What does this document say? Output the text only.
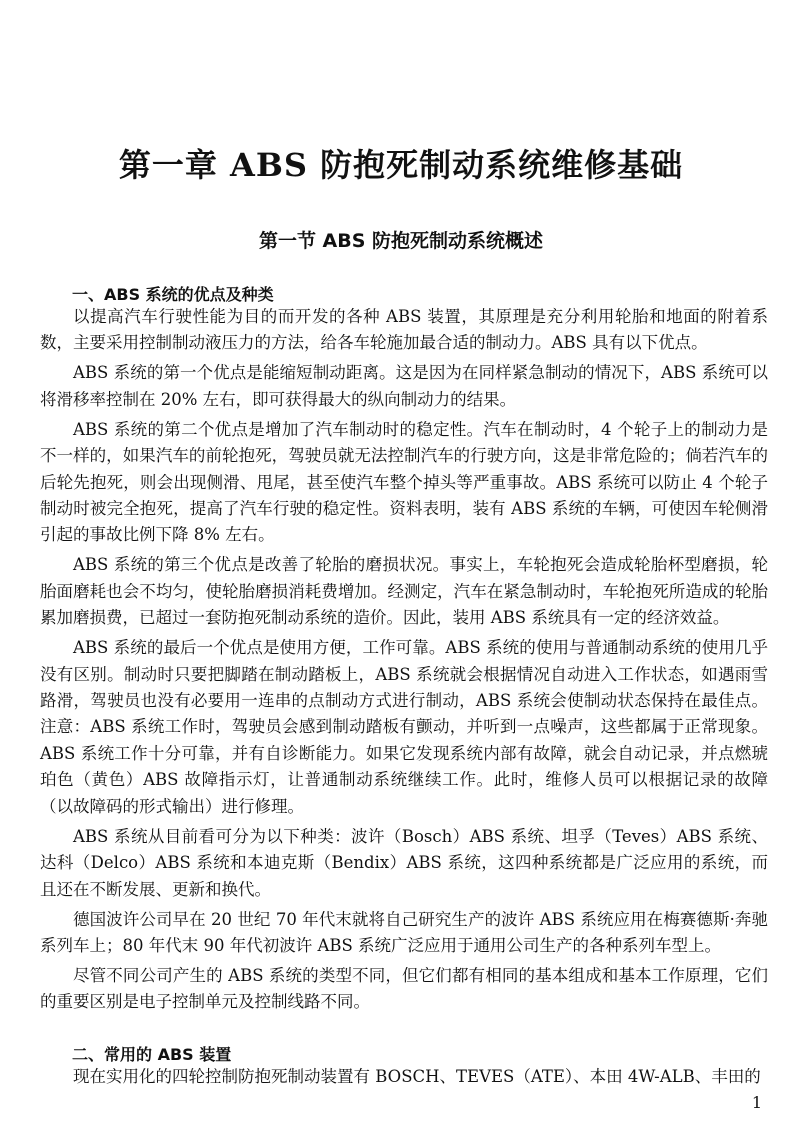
第一章 ABS 防抱死制动系统维修基础
第一节 ABS 防抱死制动系统概述
一、ABS 系统的优点及种类

以提高汽车行驶性能为目的而开发的各种 ABS 装置，其原理是充分利用轮胎和地面的附着系数，主要采用控制制动液压力的方法，给各车轮施加最合适的制动力。ABS 具有以下优点。

ABS 系统的第一个优点是能缩短制动距离。这是因为在同样紧急制动的情况下，ABS 系统可以将滑移率控制在 20% 左右，即可获得最大的纵向制动力的结果。

ABS 系统的第二个优点是增加了汽车制动时的稳定性。汽车在制动时，4 个轮子上的制动力是不一样的，如果汽车的前轮抱死，驾驶员就无法控制汽车的行驶方向，这是非常危险的；倘若汽车的后轮先抱死，则会出现侧滑、甩尾，甚至使汽车整个掉头等严重事故。ABS 系统可以防止 4 个轮子制动时被完全抱死，提高了汽车行驶的稳定性。资料表明，装有 ABS 系统的车辆，可使因车轮侧滑引起的事故比例下降 8% 左右。

ABS 系统的第三个优点是改善了轮胎的磨损状况。事实上，车轮抱死会造成轮胎杯型磨损，轮胎面磨耗也会不均匀，使轮胎磨损消耗费增加。经测定，汽车在紧急制动时，车轮抱死所造成的轮胎累加磨损费，已超过一套防抱死制动系统的造价。因此，装用 ABS 系统具有一定的经济效益。

ABS 系统的最后一个优点是使用方便，工作可靠。ABS 系统的使用与普通制动系统的使用几乎没有区别。制动时只要把脚踏在制动踏板上，ABS 系统就会根据情况自动进入工作状态，如遇雨雪路滑，驾驶员也没有必要用一连串的点制动方式进行制动，ABS 系统会使制动状态保持在最佳点。注意：ABS 系统工作时，驾驶员会感到制动踏板有颤动，并听到一点噪声，这些都属于正常现象。ABS 系统工作十分可靠，并有自诊断能力。如果它发现系统内部有故障，就会自动记录，并点燃琥珀色（黄色）ABS 故障指示灯，让普通制动系统继续工作。此时，维修人员可以根据记录的故障（以故障码的形式输出）进行修理。

ABS 系统从目前看可分为以下种类：波许（Bosch）ABS 系统、坦孚（Teves）ABS 系统、达科（Delco）ABS 系统和本迪克斯（Bendix）ABS 系统，这四种系统都是广泛应用的系统，而且还在不断发展、更新和换代。

德国波许公司早在 20 世纪 70 年代末就将自己研究生产的波许 ABS 系统应用在梅赛德斯·奔驰系列车上；80 年代末 90 年代初波许 ABS 系统广泛应用于通用公司生产的各种系列车型上。

尽管不同公司产生的 ABS 系统的类型不同，但它们都有相同的基本组成和基本工作原理，它们的重要区别是电子控制单元及控制线路不同。

二、常用的 ABS 装置
现在实用化的四轮控制防抱死制动装置有 BOSCH、TEVES（ATE）、本田 4W-ALB、丰田的
1
